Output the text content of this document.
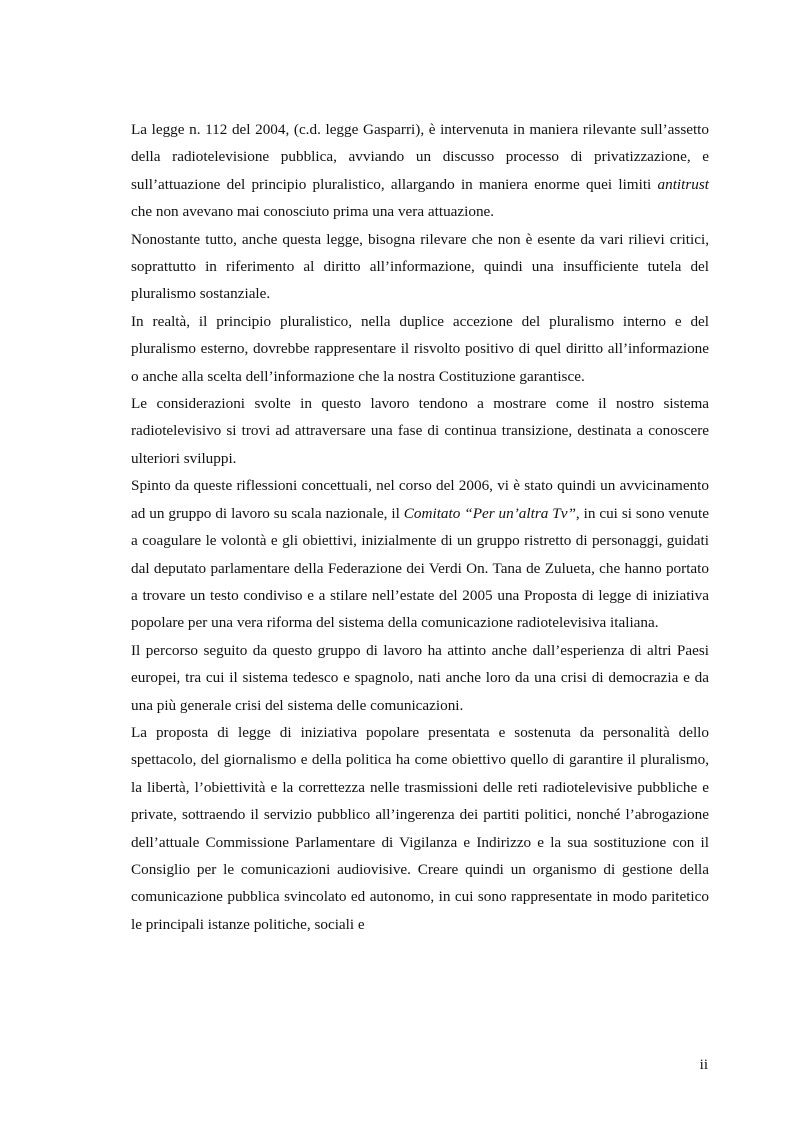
La legge n. 112 del 2004, (c.d. legge Gasparri), è intervenuta in maniera rilevante sull’assetto della radiotelevisione pubblica, avviando un discusso processo di privatizzazione, e sull’attuazione del principio pluralistico, allargando in maniera enorme quei limiti antitrust che non avevano mai conosciuto prima una vera attuazione.

Nonostante tutto, anche questa legge, bisogna rilevare che non è esente da vari rilievi critici, soprattutto in riferimento al diritto all’informazione, quindi una insufficiente tutela del pluralismo sostanziale.

In realtà, il principio pluralistico, nella duplice accezione del pluralismo interno e del pluralismo esterno, dovrebbe rappresentare il risvolto positivo di quel diritto all’informazione o anche alla scelta dell’informazione che la nostra Costituzione garantisce.

Le considerazioni svolte in questo lavoro tendono a mostrare come il nostro sistema radiotelevisivo si trovi ad attraversare una fase di continua transizione, destinata a conoscere ulteriori sviluppi.

Spinto da queste riflessioni concettuali, nel corso del 2006, vi è stato quindi un avvicinamento ad un gruppo di lavoro su scala nazionale, il Comitato “Per un’altra Tv”, in cui si sono venute a coagulare le volontà e gli obiettivi, inizialmente di un gruppo ristretto di personaggi, guidati dal deputato parlamentare della Federazione dei Verdi On. Tana de Zulueta, che hanno portato a trovare un testo condiviso e a stilare nell’estate del 2005 una Proposta di legge di iniziativa popolare per una vera riforma del sistema della comunicazione radiotelevisiva italiana.

Il percorso seguito da questo gruppo di lavoro ha attinto anche dall’esperienza di altri Paesi europei, tra cui il sistema tedesco e spagnolo, nati anche loro da una crisi di democrazia e da una più generale crisi del sistema delle comunicazioni.

La proposta di legge di iniziativa popolare presentata e sostenuta da personalità dello spettacolo, del giornalismo e della politica ha come obiettivo quello di garantire il pluralismo, la libertà, l’obiettività e la correttezza nelle trasmissioni delle reti radiotelevisive pubbliche e private, sottraendo il servizio pubblico all’ingerenza dei partiti politici, nonché l’abrogazione dell’attuale Commissione Parlamentare di Vigilanza e Indirizzo e la sua sostituzione con il Consiglio per le comunicazioni audiovisive. Creare quindi un organismo di gestione della comunicazione pubblica svincolato ed autonomo, in cui sono rappresentate in modo paritetico le principali istanze politiche, sociali e

ii
